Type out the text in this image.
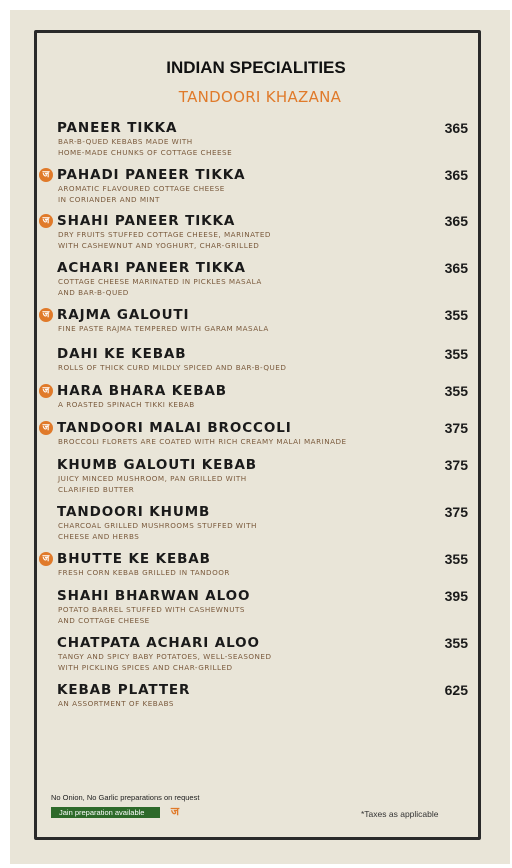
INDIAN SPECIALITIES
TANDOORI KHAZANA
PANEER TIKKA
BAR-B-QUED KEBABS MADE WITH
HOME-MADE CHUNKS OF COTTAGE CHEESE
365
ज PAHADI PANEER TIKKA
AROMATIC FLAVOURED COTTAGE CHEESE
IN CORIANDER AND MINT
365
ज SHAHI PANEER TIKKA
DRY FRUITS STUFFED COTTAGE CHEESE, MARINATED
WITH CASHEWNUT AND YOGHURT, CHAR-GRILLED
365
ACHARI PANEER TIKKA
COTTAGE CHEESE MARINATED IN PICKLES MASALA
AND BAR-B-QUED
365
ज RAJMA GALOUTI
FINE PASTE RAJMA TEMPERED WITH GARAM MASALA
355
DAHI KE KEBAB
ROLLS OF THICK CURD MILDLY SPICED AND BAR-B-QUED
355
ज HARA BHARA KEBAB
A ROASTED SPINACH TIKKI KEBAB
355
ज TANDOORI MALAI BROCCOLI
BROCCOLI FLORETS ARE COATED WITH RICH CREAMY MALAI MARINADE
375
KHUMB GALOUTI KEBAB
JUICY MINCED MUSHROOM, PAN GRILLED WITH
CLARIFIED BUTTER
375
TANDOORI KHUMB
CHARCOAL GRILLED MUSHROOMS STUFFED WITH
CHEESE AND HERBS
375
ज BHUTTE KE KEBAB
FRESH CORN KEBAB GRILLED IN TANDOOR
355
SHAHI BHARWAN ALOO
POTATO BARREL STUFFED WITH CASHEWNUTS
AND COTTAGE CHEESE
395
CHATPATA ACHARI ALOO
TANGY AND SPICY BABY POTATOES, WELL-SEASONED
WITH PICKLING SPICES AND CHAR-GRILLED
355
KEBAB PLATTER
AN ASSORTMENT OF KEBABS
625
No Onion, No Garlic preparations on request
Jain preparation available	ज	*Taxes as applicable
